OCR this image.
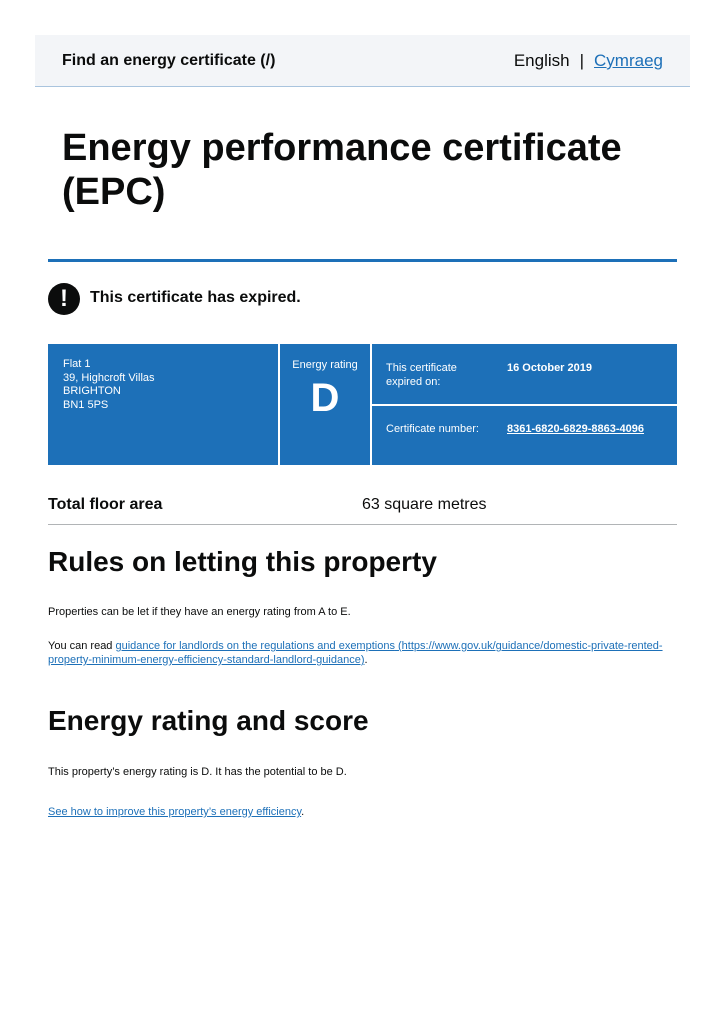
Find an energy certificate (/)	English | Cymraeg
Energy performance certificate (EPC)
!	This certificate has expired.
Flat 1
39, Highcroft Villas
BRIGHTON
BN1 5PS
Energy rating
D
This certificate expired on:
16 October 2019
Certificate number:	8361-6820-6829-8863-4096
Total floor area	63 square metres
Rules on letting this property

Properties can be let if they have an energy rating from A to E.

You can read guidance for landlords on the regulations and exemptions (https://www.gov.uk/guidance/domestic-private-rented-property-minimum-energy-efficiency-standard-landlord-guidance).

Energy rating and score

This property’s energy rating is D. It has the potential to be D.

See how to improve this property’s energy efficiency.
